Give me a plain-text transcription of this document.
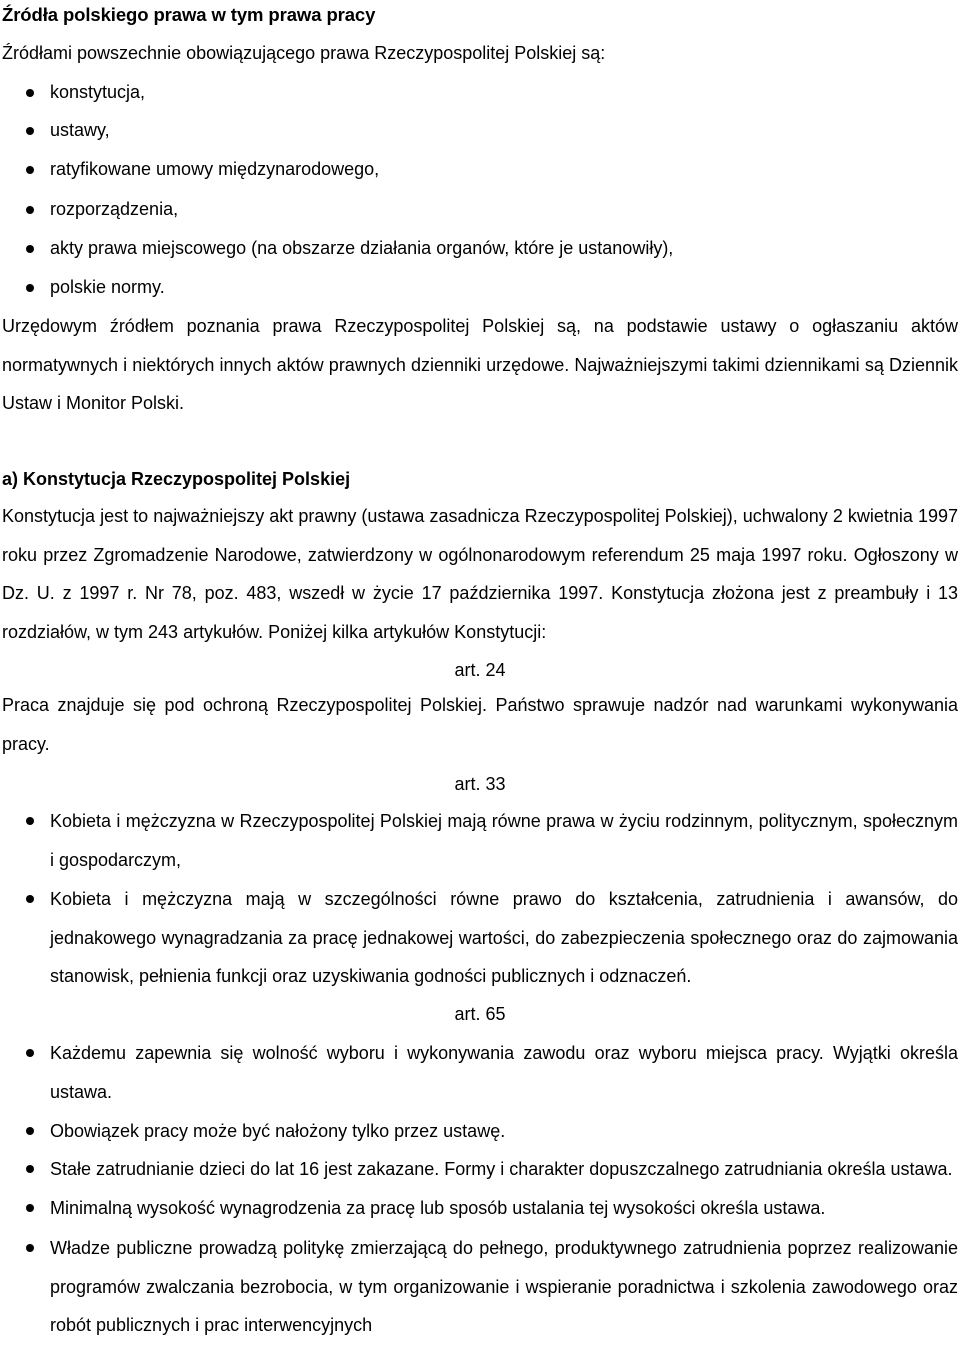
Źródła polskiego prawa w tym prawa pracy
Źródłami powszechnie obowiązującego prawa Rzeczypospolitej Polskiej są:
konstytucja,
ustawy,
ratyfikowane umowy międzynarodowego,
rozporządzenia,
akty prawa miejscowego (na obszarze działania organów, które je ustanowiły),
polskie normy.
Urzędowym źródłem poznania prawa Rzeczypospolitej Polskiej są, na podstawie ustawy o ogłaszaniu aktów normatywnych i niektórych innych aktów prawnych dzienniki urzędowe. Najważniejszymi takimi dziennikami są Dziennik Ustaw i Monitor Polski.
a) Konstytucja Rzeczypospolitej Polskiej
Konstytucja jest to najważniejszy akt prawny (ustawa zasadnicza Rzeczypospolitej Polskiej), uchwalony 2 kwietnia 1997 roku przez Zgromadzenie Narodowe, zatwierdzony w ogólnonarodowym referendum 25 maja 1997 roku. Ogłoszony w Dz. U. z 1997 r. Nr 78, poz. 483, wszedł w życie 17 października 1997. Konstytucja złożona jest z preambuły i 13 rozdziałów, w tym 243 artykułów. Poniżej kilka artykułów Konstytucji:
art. 24
Praca znajduje się pod ochroną Rzeczypospolitej Polskiej. Państwo sprawuje nadzór nad warunkami wykonywania pracy.
art. 33
Kobieta i mężczyzna w Rzeczypospolitej Polskiej mają równe prawa w życiu rodzinnym, politycznym, społecznym i gospodarczym,
Kobieta i mężczyzna mają w szczególności równe prawo do kształcenia, zatrudnienia i awansów, do jednakowego wynagradzania za pracę jednakowej wartości, do zabezpieczenia społecznego oraz do zajmowania stanowisk, pełnienia funkcji oraz uzyskiwania godności publicznych i odznaczeń.
art. 65
Każdemu zapewnia się wolność wyboru i wykonywania zawodu oraz wyboru miejsca pracy. Wyjątki określa ustawa.
Obowiązek pracy może być nałożony tylko przez ustawę.
Stałe zatrudnianie dzieci do lat 16 jest zakazane. Formy i charakter dopuszczalnego zatrudniania określa ustawa.
Minimalną wysokość wynagrodzenia za pracę lub sposób ustalania tej wysokości określa ustawa.
Władze publiczne prowadzą politykę zmierzającą do pełnego, produktywnego zatrudnienia poprzez realizowanie programów zwalczania bezrobocia, w tym organizowanie i wspieranie poradnictwa i szkolenia zawodowego oraz robót publicznych i prac interwencyjnych
